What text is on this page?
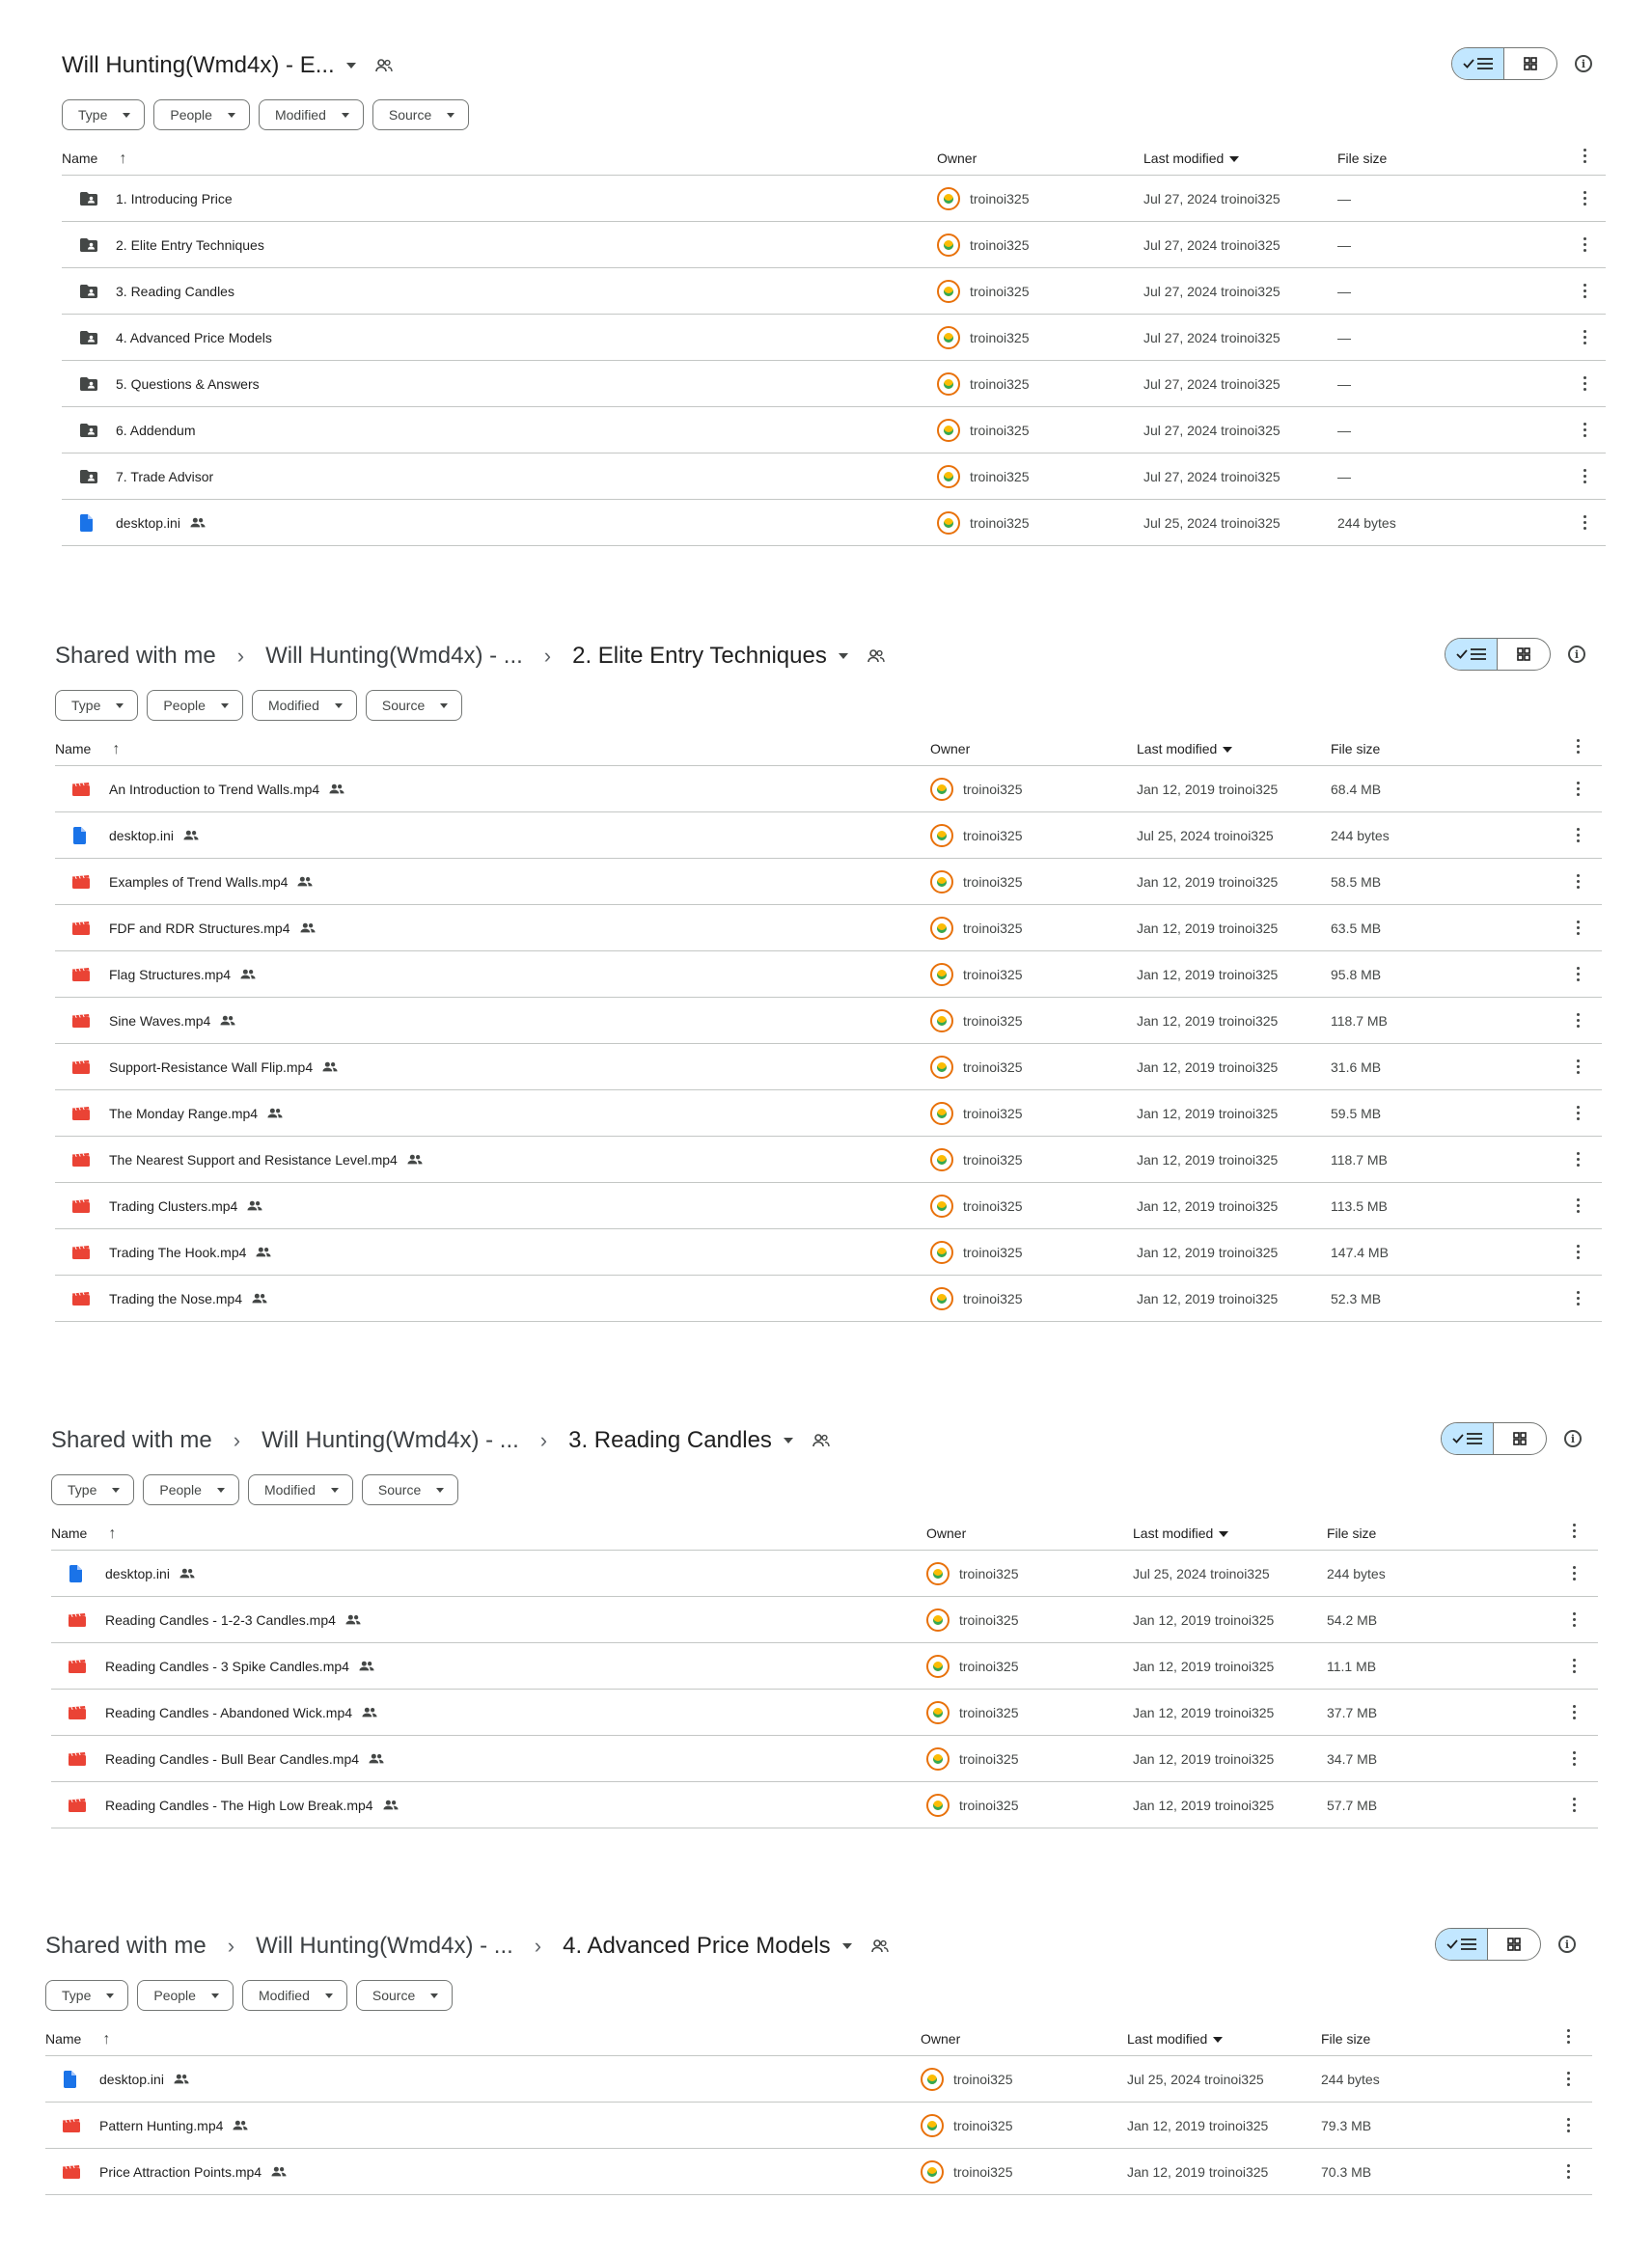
Will Hunting(Wmd4x) - E...	i
Type	People	Modified	Source
Name ↑	Owner	Last modified	File size
1. Introducing Price	troinoi325	Jul 27, 2024 troinoi325	—
2. Elite Entry Techniques	troinoi325	Jul 27, 2024 troinoi325	—
3. Reading Candles	troinoi325	Jul 27, 2024 troinoi325	—
4. Advanced Price Models	troinoi325	Jul 27, 2024 troinoi325	—
5. Questions & Answers	troinoi325	Jul 27, 2024 troinoi325	—
6. Addendum	troinoi325	Jul 27, 2024 troinoi325	—
7. Trade Advisor	troinoi325	Jul 27, 2024 troinoi325	—
desktop.ini	troinoi325	Jul 25, 2024 troinoi325	244 bytes
Shared with me › Will Hunting(Wmd4x) - ... › 2. Elite Entry Techniques	i
Type	People	Modified	Source
Name ↑	Owner	Last modified	File size
An Introduction to Trend Walls.mp4	troinoi325	Jan 12, 2019 troinoi325	68.4 MB
desktop.ini	troinoi325	Jul 25, 2024 troinoi325	244 bytes
Examples of Trend Walls.mp4	troinoi325	Jan 12, 2019 troinoi325	58.5 MB
FDF and RDR Structures.mp4	troinoi325	Jan 12, 2019 troinoi325	63.5 MB
Flag Structures.mp4	troinoi325	Jan 12, 2019 troinoi325	95.8 MB
Sine Waves.mp4	troinoi325	Jan 12, 2019 troinoi325	118.7 MB
Support-Resistance Wall Flip.mp4	troinoi325	Jan 12, 2019 troinoi325	31.6 MB
The Monday Range.mp4	troinoi325	Jan 12, 2019 troinoi325	59.5 MB
The Nearest Support and Resistance Level.mp4	troinoi325	Jan 12, 2019 troinoi325	118.7 MB
Trading Clusters.mp4	troinoi325	Jan 12, 2019 troinoi325	113.5 MB
Trading The Hook.mp4	troinoi325	Jan 12, 2019 troinoi325	147.4 MB
Trading the Nose.mp4	troinoi325	Jan 12, 2019 troinoi325	52.3 MB
Shared with me › Will Hunting(Wmd4x) - ... › 3. Reading Candles	i
Type	People	Modified	Source
Name ↑	Owner	Last modified	File size
desktop.ini	troinoi325	Jul 25, 2024 troinoi325	244 bytes
Reading Candles - 1-2-3 Candles.mp4	troinoi325	Jan 12, 2019 troinoi325	54.2 MB
Reading Candles - 3 Spike Candles.mp4	troinoi325	Jan 12, 2019 troinoi325	11.1 MB
Reading Candles - Abandoned Wick.mp4	troinoi325	Jan 12, 2019 troinoi325	37.7 MB
Reading Candles - Bull Bear Candles.mp4	troinoi325	Jan 12, 2019 troinoi325	34.7 MB
Reading Candles - The High Low Break.mp4	troinoi325	Jan 12, 2019 troinoi325	57.7 MB
Shared with me › Will Hunting(Wmd4x) - ... › 4. Advanced Price Models	i
Type	People	Modified	Source
Name ↑	Owner	Last modified	File size
desktop.ini	troinoi325	Jul 25, 2024 troinoi325	244 bytes
Pattern Hunting.mp4	troinoi325	Jan 12, 2019 troinoi325	79.3 MB
Price Attraction Points.mp4	troinoi325	Jan 12, 2019 troinoi325	70.3 MB
